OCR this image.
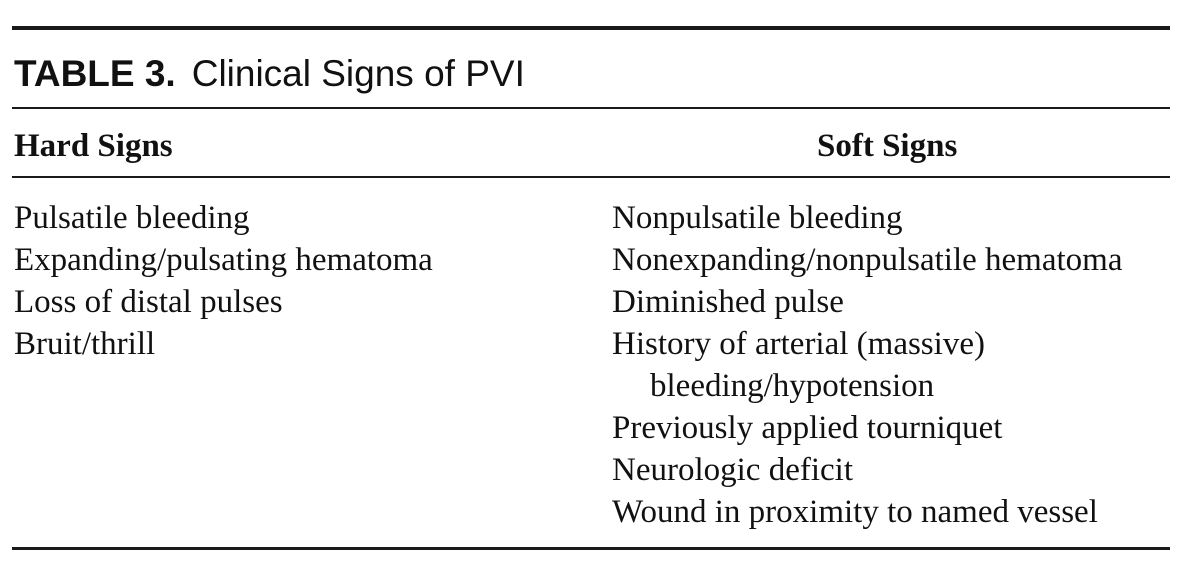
TABLE 3. Clinical Signs of PVI
Hard Signs	Soft Signs
Pulsatile bleeding
Expanding/pulsating hematoma
Loss of distal pulses
Bruit/thrill
Nonpulsatile bleeding
Nonexpanding/nonpulsatile hematoma
Diminished pulse
History of arterial (massive)
bleeding/hypotension
Previously applied tourniquet
Neurologic deficit
Wound in proximity to named vessel
